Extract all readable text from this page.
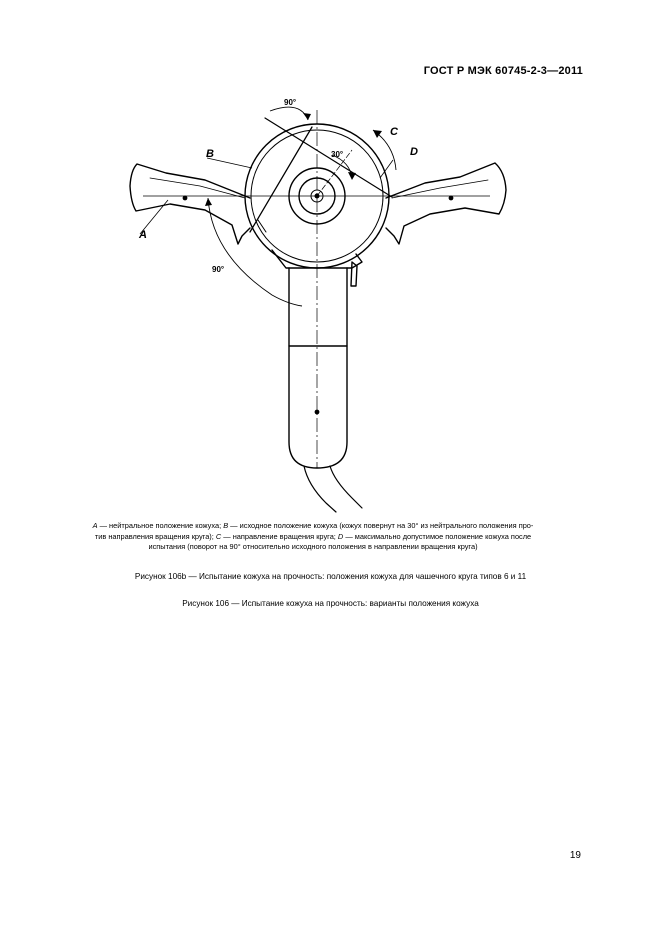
ГОСТ Р МЭК 60745-2-3—2011
B
A
C
D
90°
30°
90°
A — нейтральное положение кожуха; B — исходное положение кожуха (кожух повернут на 30° из нейтрального положения про-
тив направления вращения круга); C — направление вращения круга; D — максимально допустимое положение кожуха после
испытания (поворот на 90° относительно исходного положения в направлении вращения круга)
Рисунок 106b — Испытание кожуха на прочность: положения кожуха для чашечного круга типов 6 и 11
Рисунок 106 — Испытание кожуха на прочность: варианты положения кожуха
19
